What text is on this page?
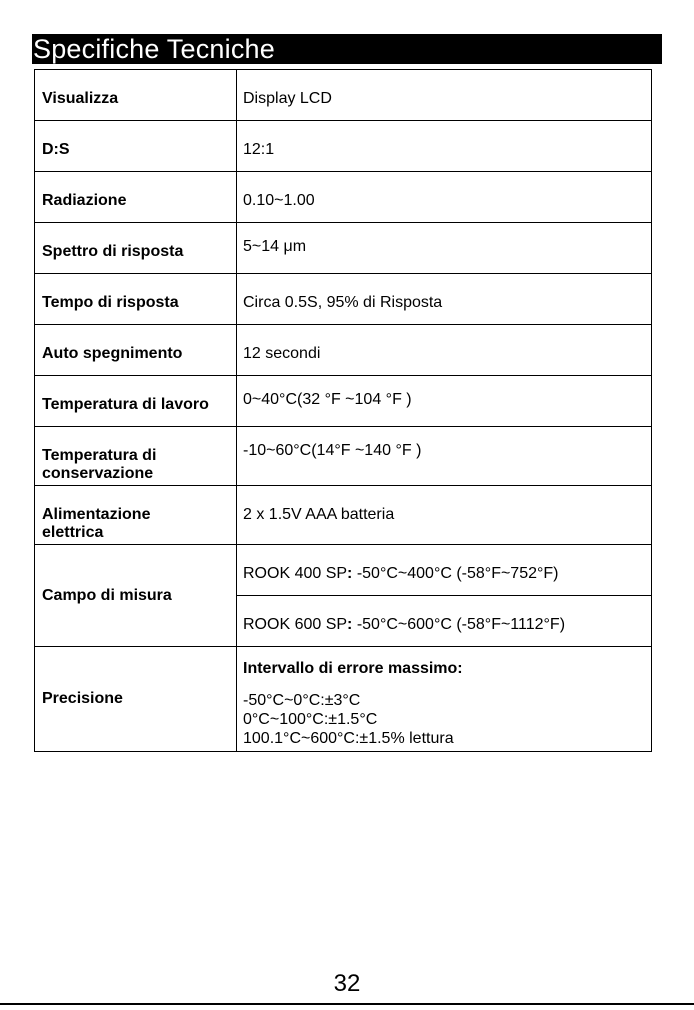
Specifiche Tecniche
Visualizza	Display LCD

D:S	12:1

Radiazione	0.10~1.00

Spettro di risposta	5~14 μm

Tempo di risposta	Circa 0.5S, 95% di Risposta

Auto spegnimento	12 secondi

Temperatura di lavoro	0~40°C(32 °F ~104 °F )

Temperatura di
conservazione	-10~60°C(14°F ~140 °F )

Alimentazione
elettrica	2 x 1.5V AAA batteria

Campo di misura	ROOK 400 SP: -50°C~400°C (-58°F~752°F)

	ROOK 600 SP: -50°C~600°C (-58°F~1112°F)

Precisione	Intervallo di errore massimo:
-50°C~0°C:±3°C
0°C~100°C:±1.5°C
100.1°C~600°C:±1.5% lettura
32
